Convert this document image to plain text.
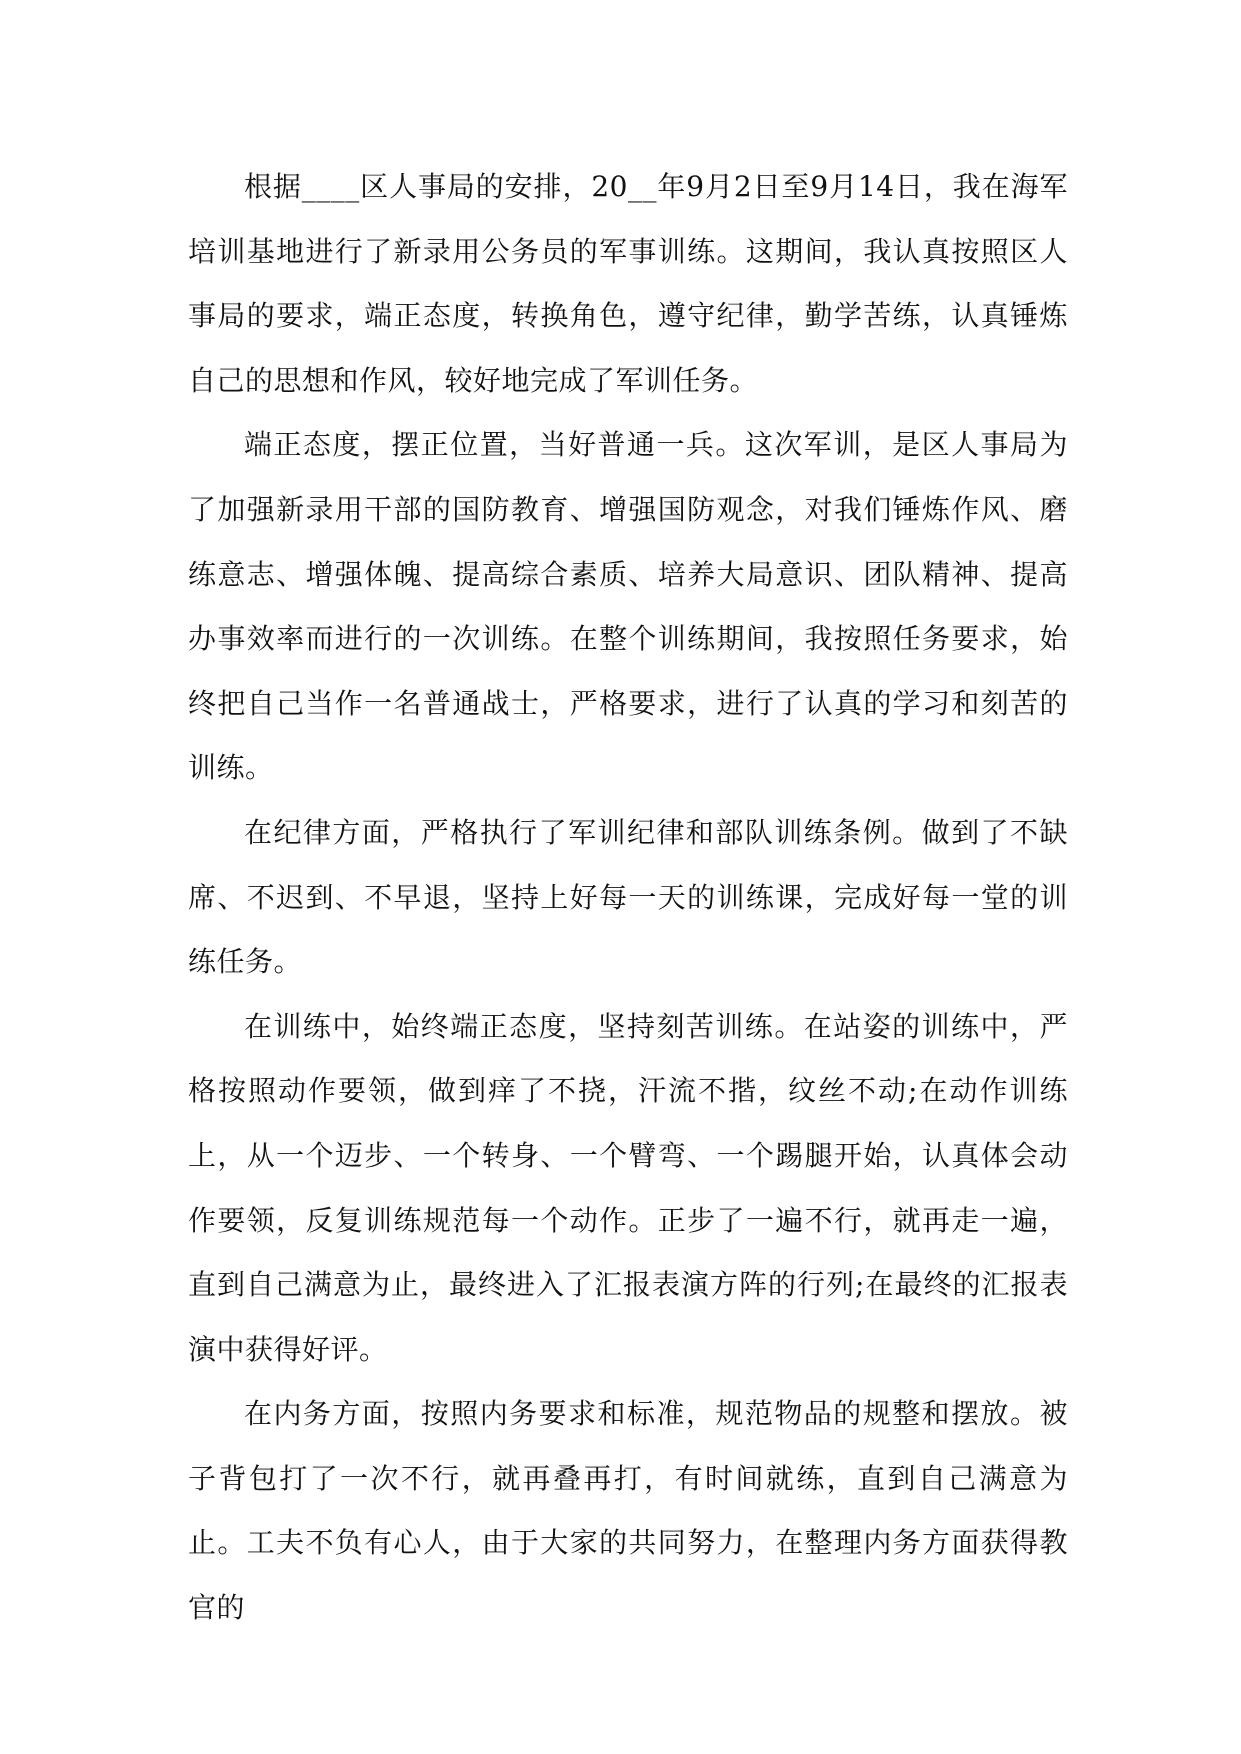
根据____区人事局的安排，20__年9月2日至9月14日，我在海军培训基地进行了新录用公务员的军事训练。这期间，我认真按照区人事局的要求，端正态度，转换角色，遵守纪律，勤学苦练，认真锤炼自己的思想和作风，较好地完成了军训任务。

端正态度，摆正位置，当好普通一兵。这次军训，是区人事局为了加强新录用干部的国防教育、增强国防观念，对我们锤炼作风、磨练意志、增强体魄、提高综合素质、培养大局意识、团队精神、提高办事效率而进行的一次训练。在整个训练期间，我按照任务要求，始终把自己当作一名普通战士，严格要求，进行了认真的学习和刻苦的训练。

在纪律方面，严格执行了军训纪律和部队训练条例。做到了不缺席、不迟到、不早退，坚持上好每一天的训练课，完成好每一堂的训练任务。

在训练中，始终端正态度，坚持刻苦训练。在站姿的训练中，严格按照动作要领，做到痒了不挠，汗流不揩，纹丝不动;在动作训练上，从一个迈步、一个转身、一个臂弯、一个踢腿开始，认真体会动作要领，反复训练规范每一个动作。正步了一遍不行，就再走一遍，直到自己满意为止，最终进入了汇报表演方阵的行列;在最终的汇报表演中获得好评。

在内务方面，按照内务要求和标准，规范物品的规整和摆放。被子背包打了一次不行，就再叠再打，有时间就练，直到自己满意为止。工夫不负有心人，由于大家的共同努力，在整理内务方面获得教官的
